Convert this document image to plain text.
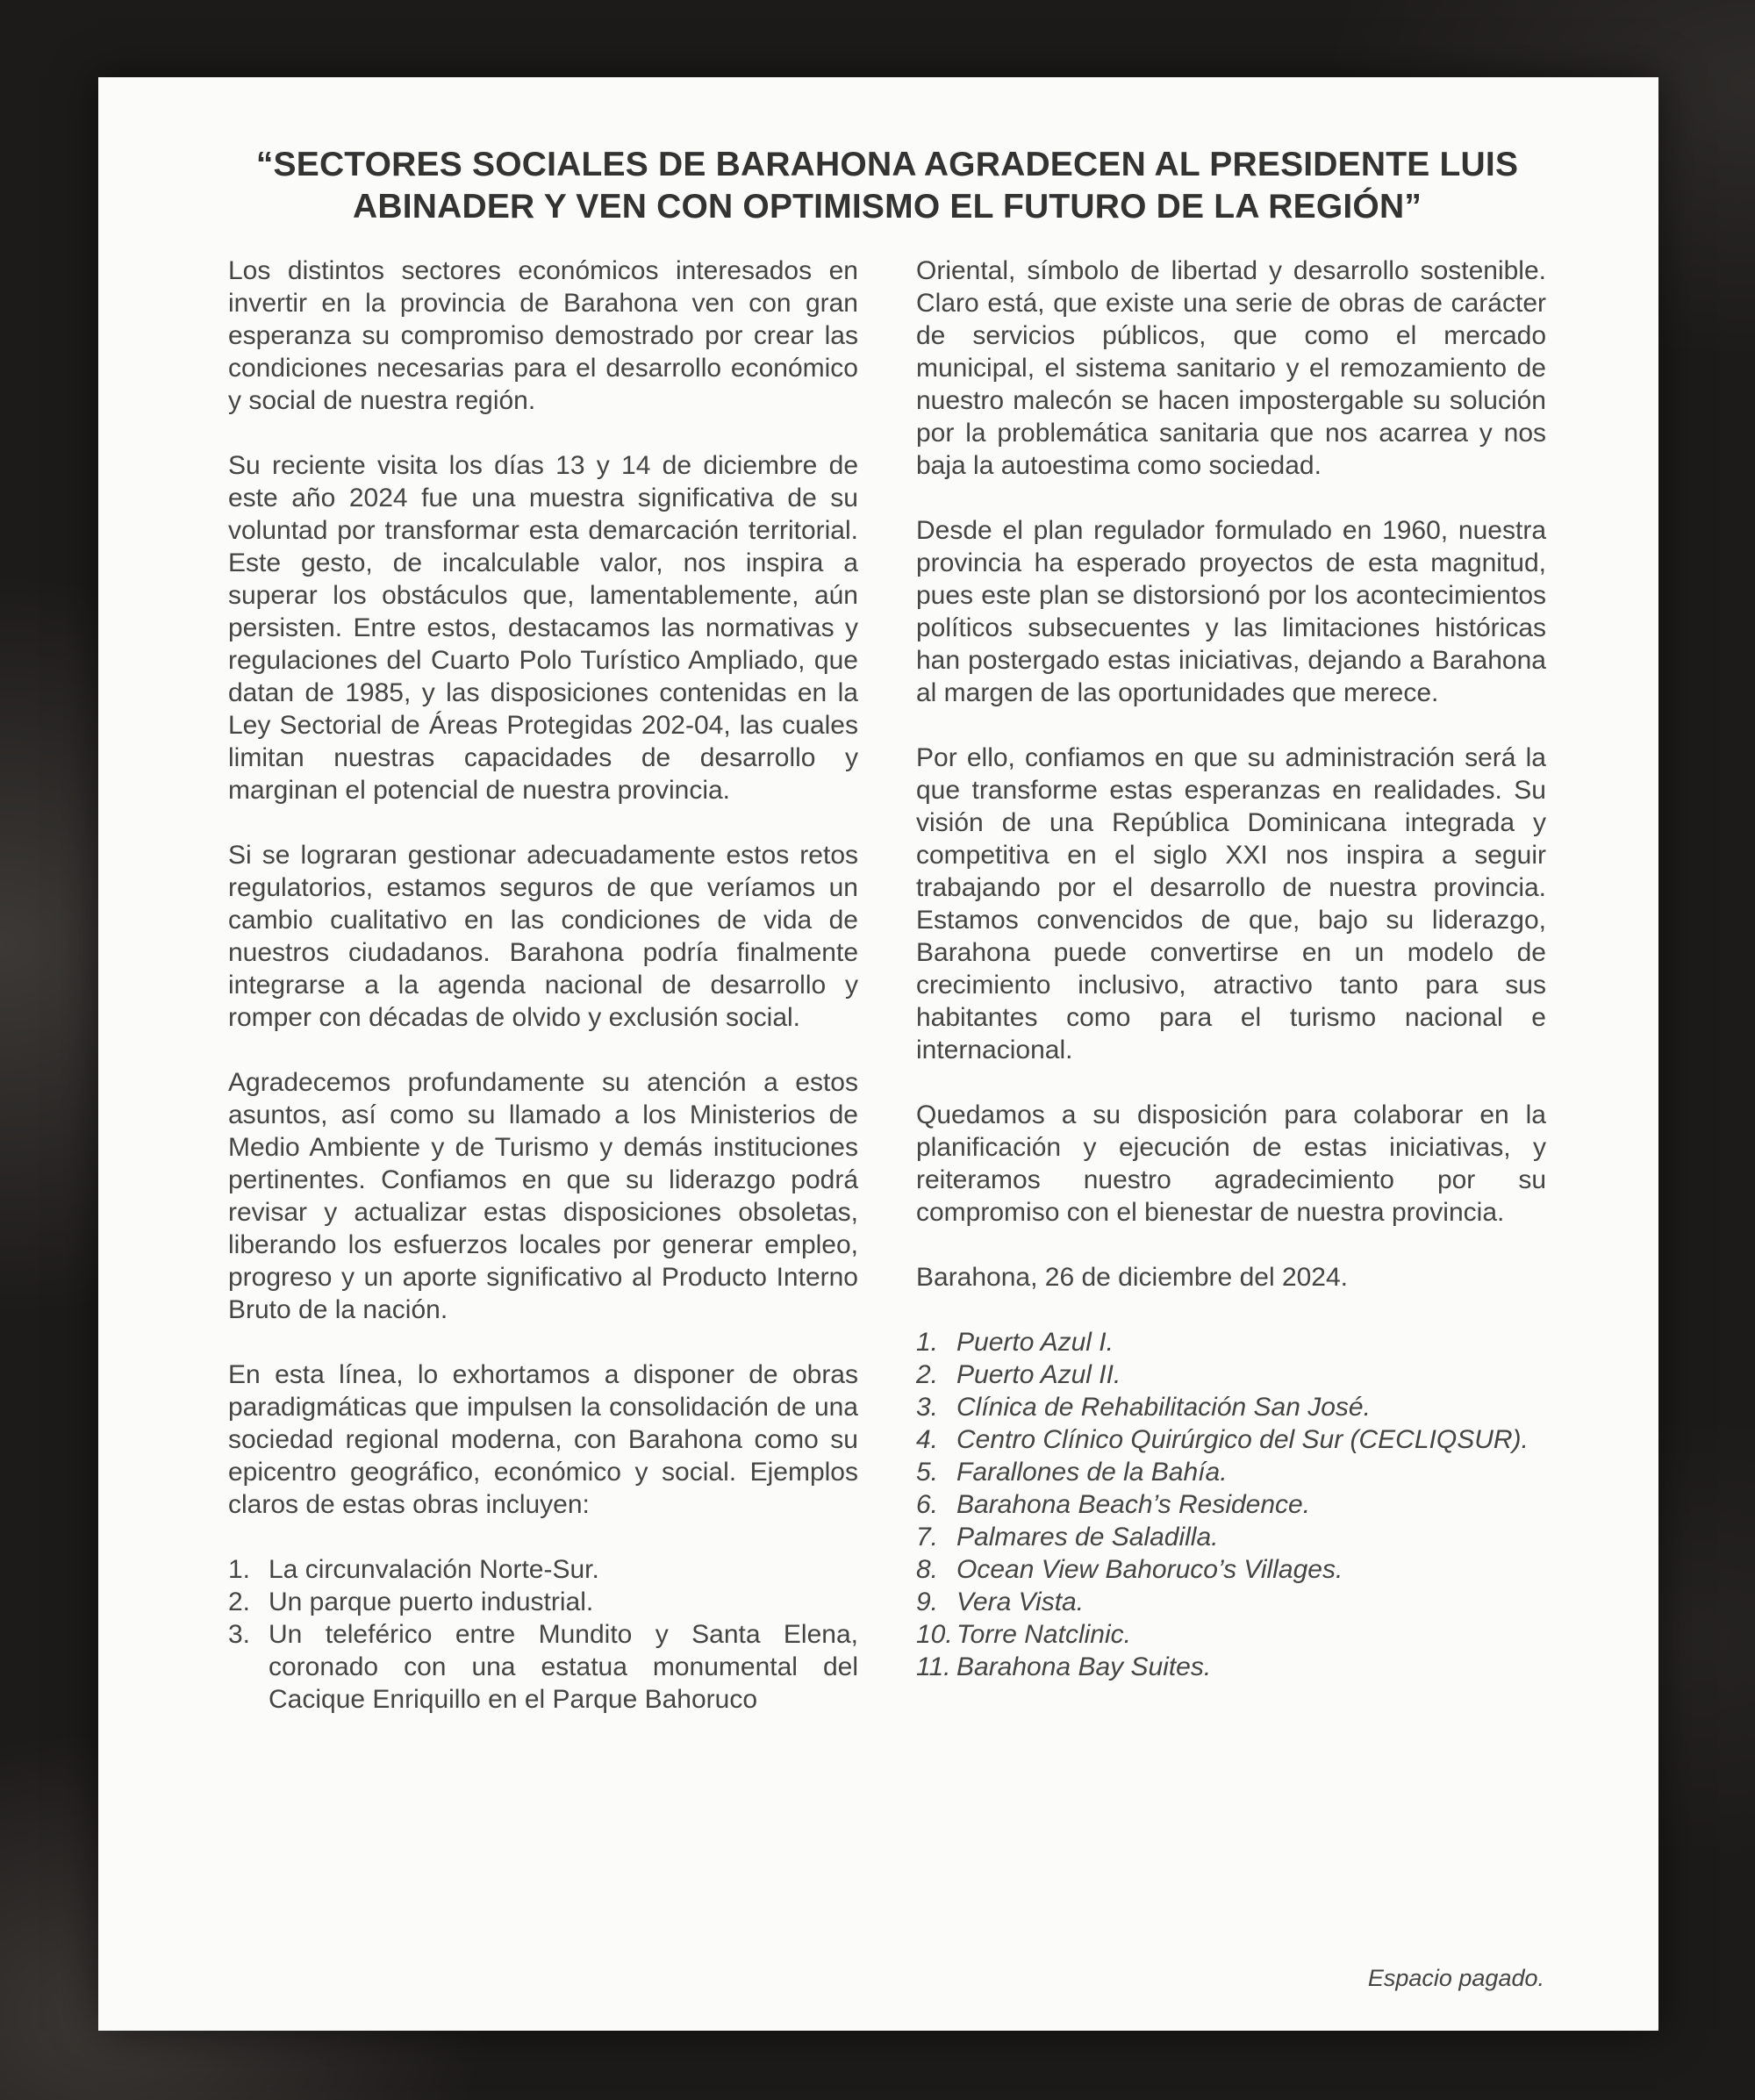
“SECTORES SOCIALES DE BARAHONA AGRADECEN AL PRESIDENTE LUIS ABINADER Y VEN CON OPTIMISMO EL FUTURO DE LA REGIÓN”

Los distintos sectores económicos interesados en invertir en la provincia de Barahona ven con gran esperanza su compromiso demostrado por crear las condiciones necesarias para el desarrollo económico y social de nuestra región.

Su reciente visita los días 13 y 14 de diciembre de este año 2024 fue una muestra significativa de su voluntad por transformar esta demarcación territorial. Este gesto, de incalculable valor, nos inspira a superar los obstáculos que, lamentablemente, aún persisten. Entre estos, destacamos las normativas y regulaciones del Cuarto Polo Turístico Ampliado, que datan de 1985, y las disposiciones contenidas en la Ley Sectorial de Áreas Protegidas 202-04, las cuales limitan nuestras capacidades de desarrollo y marginan el potencial de nuestra provincia.

Si se lograran gestionar adecuadamente estos retos regulatorios, estamos seguros de que veríamos un cambio cualitativo en las condiciones de vida de nuestros ciudadanos. Barahona podría finalmente integrarse a la agenda nacional de desarrollo y romper con décadas de olvido y exclusión social.

Agradecemos profundamente su atención a estos asuntos, así como su llamado a los Ministerios de Medio Ambiente y de Turismo y demás instituciones pertinentes. Confiamos en que su liderazgo podrá revisar y actualizar estas disposiciones obsoletas, liberando los esfuerzos locales por generar empleo, progreso y un aporte significativo al Producto Interno Bruto de la nación.

En esta línea, lo exhortamos a disponer de obras paradigmáticas que impulsen la consolidación de una sociedad regional moderna, con Barahona como su epicentro geográfico, económico y social. Ejemplos claros de estas obras incluyen:

1. La circunvalación Norte-Sur.
2. Un parque puerto industrial.
3. Un teleférico entre Mundito y Santa Elena, coronado con una estatua monumental del Cacique Enriquillo en el Parque Bahoruco

Oriental, símbolo de libertad y desarrollo sostenible. Claro está, que existe una serie de obras de carácter de servicios públicos, que como el mercado municipal, el sistema sanitario y el remozamiento de nuestro malecón se hacen impostergable su solución por la problemática sanitaria que nos acarrea y nos baja la autoestima como sociedad.

Desde el plan regulador formulado en 1960, nuestra provincia ha esperado proyectos de esta magnitud, pues este plan se distorsionó por los acontecimientos políticos subsecuentes y las limitaciones históricas han postergado estas iniciativas, dejando a Barahona al margen de las oportunidades que merece.

Por ello, confiamos en que su administración será la que transforme estas esperanzas en realidades. Su visión de una República Dominicana integrada y competitiva en el siglo XXI nos inspira a seguir trabajando por el desarrollo de nuestra provincia. Estamos convencidos de que, bajo su liderazgo, Barahona puede convertirse en un modelo de crecimiento inclusivo, atractivo tanto para sus habitantes como para el turismo nacional e internacional.

Quedamos a su disposición para colaborar en la planificación y ejecución de estas iniciativas, y reiteramos nuestro agradecimiento por su compromiso con el bienestar de nuestra provincia.

Barahona, 26 de diciembre del 2024.

1. Puerto Azul I.
2. Puerto Azul II.
3. Clínica de Rehabilitación San José.
4. Centro Clínico Quirúrgico del Sur (CECLIQSUR).
5. Farallones de la Bahía.
6. Barahona Beach’s Residence.
7. Palmares de Saladilla.
8. Ocean View Bahoruco’s Villages.
9. Vera Vista.
10. Torre Natclinic.
11. Barahona Bay Suites.
Espacio pagado.
